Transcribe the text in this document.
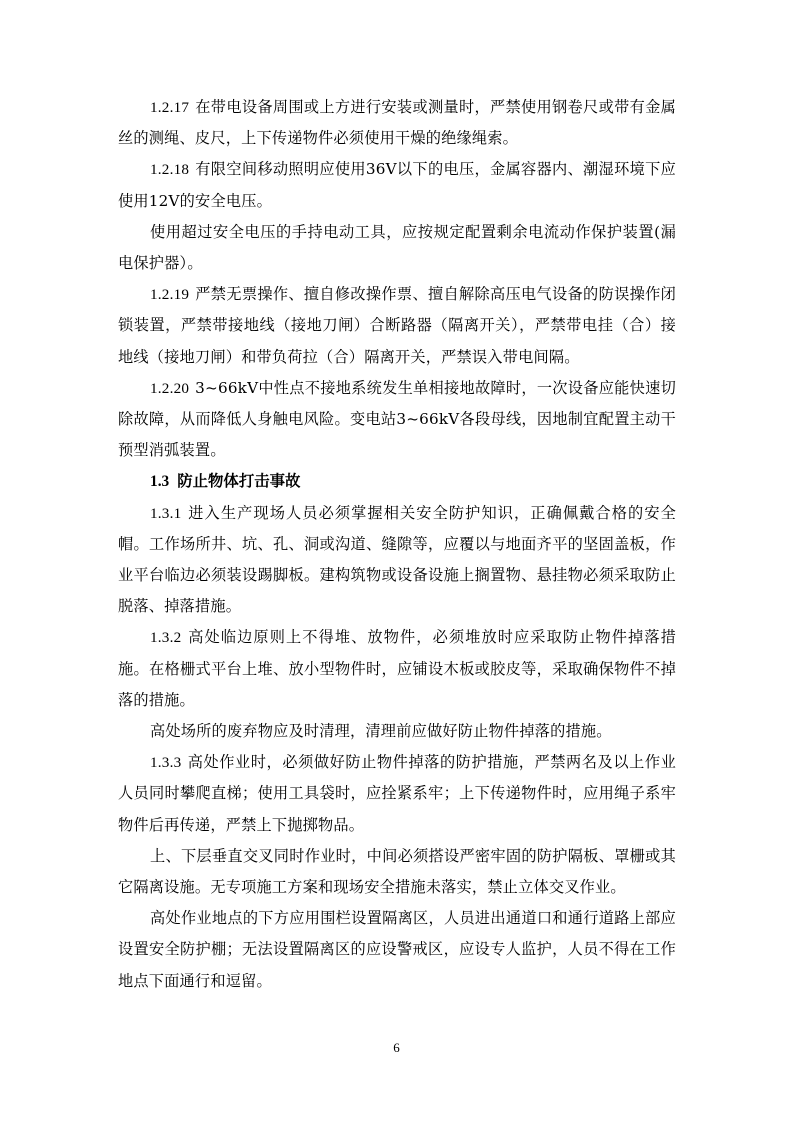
1.2.17 在带电设备周围或上方进行安装或测量时，严禁使用钢卷尺或带有金属丝的测绳、皮尺，上下传递物件必须使用干燥的绝缘绳索。

1.2.18 有限空间移动照明应使用36V以下的电压，金属容器内、潮湿环境下应使用12V的安全电压。

使用超过安全电压的手持电动工具，应按规定配置剩余电流动作保护装置(漏电保护器）。

1.2.19 严禁无票操作、擅自修改操作票、擅自解除高压电气设备的防误操作闭锁装置，严禁带接地线（接地刀闸）合断路器（隔离开关），严禁带电挂（合）接地线（接地刀闸）和带负荷拉（合）隔离开关，严禁误入带电间隔。

1.2.20 3~66kV中性点不接地系统发生单相接地故障时，一次设备应能快速切除故障，从而降低人身触电风险。变电站3~66kV各段母线，因地制宜配置主动干预型消弧装置。

1.3 防止物体打击事故

1.3.1 进入生产现场人员必须掌握相关安全防护知识，正确佩戴合格的安全帽。工作场所井、坑、孔、洞或沟道、缝隙等，应覆以与地面齐平的坚固盖板，作业平台临边必须装设踢脚板。建构筑物或设备设施上搁置物、悬挂物必须采取防止脱落、掉落措施。

1.3.2 高处临边原则上不得堆、放物件，必须堆放时应采取防止物件掉落措施。在格栅式平台上堆、放小型物件时，应铺设木板或胶皮等，采取确保物件不掉落的措施。

高处场所的废弃物应及时清理，清理前应做好防止物件掉落的措施。

1.3.3 高处作业时，必须做好防止物件掉落的防护措施，严禁两名及以上作业人员同时攀爬直梯；使用工具袋时，应拴紧系牢；上下传递物件时，应用绳子系牢物件后再传递，严禁上下抛掷物品。

上、下层垂直交叉同时作业时，中间必须搭设严密牢固的防护隔板、罩栅或其它隔离设施。无专项施工方案和现场安全措施未落实，禁止立体交叉作业。

高处作业地点的下方应用围栏设置隔离区，人员进出通道口和通行道路上部应设置安全防护棚；无法设置隔离区的应设警戒区，应设专人监护，人员不得在工作地点下面通行和逗留。

6
